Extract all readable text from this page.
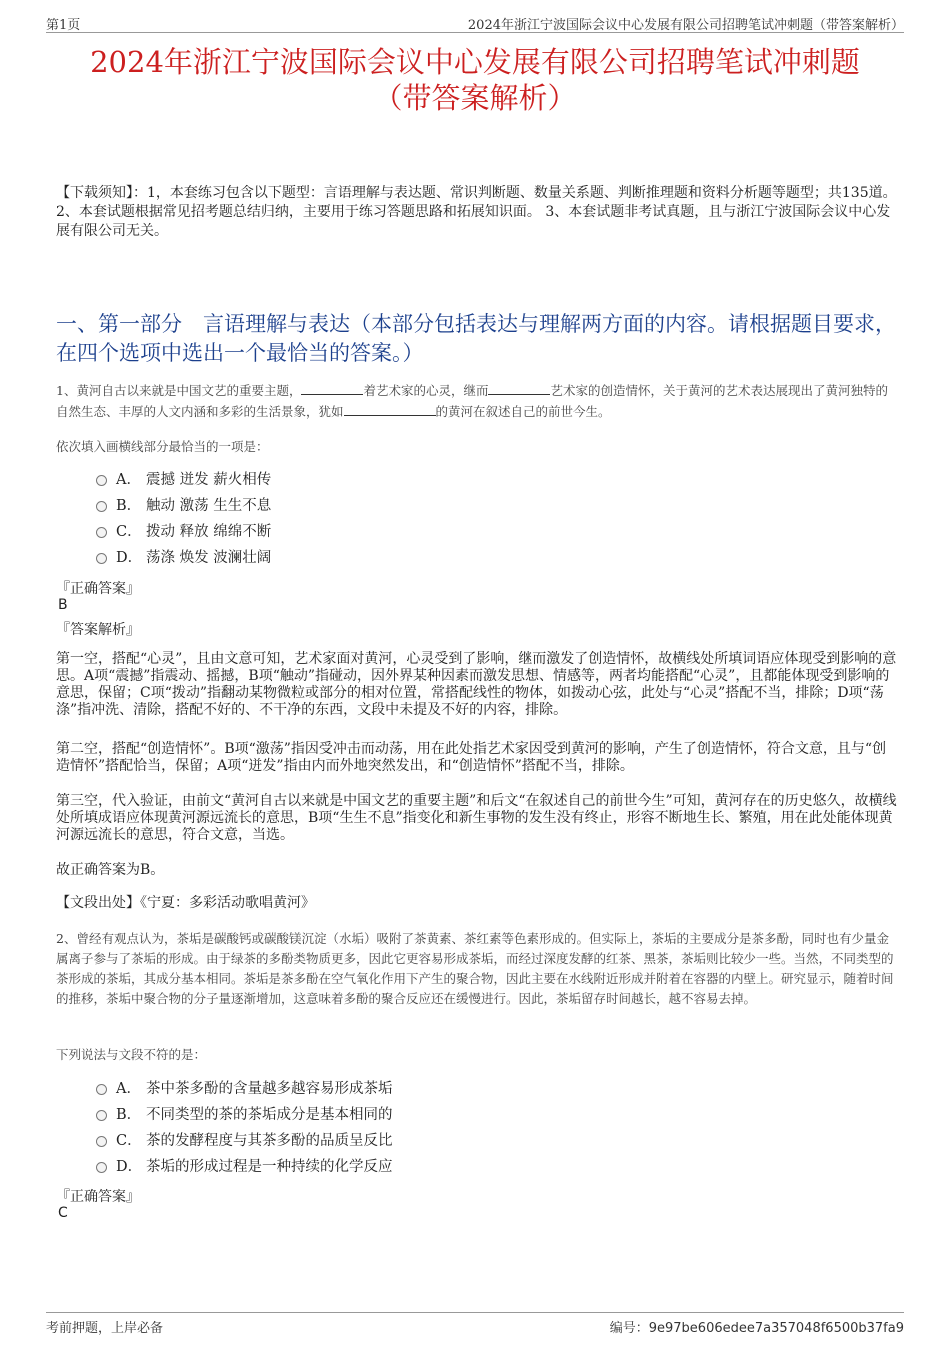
第1页	2024年浙江宁波国际会议中心发展有限公司招聘笔试冲刺题（带答案解析）
2024年浙江宁波国际会议中心发展有限公司招聘笔试冲刺题
（带答案解析）
【下载须知】：1，本套练习包含以下题型：言语理解与表达题、常识判断题、数量关系题、判断推理题和资料分析题等题型；共135道。 2、本套试题根据常见招考题总结归纳，主要用于练习答题思路和拓展知识面。 3、本套试题非考试真题，且与浙江宁波国际会议中心发展有限公司无关。
一、第一部分　言语理解与表达（本部分包括表达与理解两方面的内容。请根据题目要求，在四个选项中选出一个最恰当的答案。）
1、黄河自古以来就是中国文艺的重要主题，	着艺术家的心灵，继而	艺术家的创造情怀，关于黄河的艺术表达展现出了黄河独特的自然生态、丰厚的人文内涵和多彩的生活景象，犹如	的黄河在叙述自己的前世今生。
依次填入画横线部分最恰当的一项是：
A． 震撼 迸发 薪火相传
B． 触动 激荡 生生不息
C． 拨动 释放 绵绵不断
D． 荡涤 焕发 波澜壮阔
『正确答案』
B
『答案解析』
第一空，搭配“心灵”，且由文意可知，艺术家面对黄河，心灵受到了影响，继而激发了创造情怀，故横线处所填词语应体现受到影响的意思。A项“震撼”指震动、摇撼，B项“触动”指碰动，因外界某种因素而激发思想、情感等，两者均能搭配“心灵”，且都能体现受到影响的意思，保留；C项“拨动”指翻动某物微粒或部分的相对位置，常搭配线性的物体，如拨动心弦，此处与“心灵”搭配不当，排除；D项“荡涤”指冲洗、清除，搭配不好的、不干净的东西，文段中未提及不好的内容，排除。
第二空，搭配“创造情怀”。B项“激荡”指因受冲击而动荡，用在此处指艺术家因受到黄河的影响，产生了创造情怀，符合文意，且与“创造情怀”搭配恰当，保留；A项“迸发”指由内而外地突然发出，和“创造情怀”搭配不当，排除。
第三空，代入验证，由前文“黄河自古以来就是中国文艺的重要主题”和后文“在叙述自己的前世今生”可知，黄河存在的历史悠久，故横线处所填成语应体现黄河源远流长的意思，B项“生生不息”指变化和新生事物的发生没有终止，形容不断地生长、繁殖，用在此处能体现黄河源远流长的意思，符合文意，当选。
故正确答案为B。
【文段出处】《宁夏：多彩活动歌唱黄河》
2、曾经有观点认为，茶垢是碳酸钙或碳酸镁沉淀（水垢）吸附了茶黄素、茶红素等色素形成的。但实际上，茶垢的主要成分是茶多酚，同时也有少量金属离子参与了茶垢的形成。由于绿茶的多酚类物质更多，因此它更容易形成茶垢，而经过深度发酵的红茶、黑茶，茶垢则比较少一些。当然，不同类型的茶形成的茶垢，其成分基本相同。茶垢是茶多酚在空气氧化作用下产生的聚合物，因此主要在水线附近形成并附着在容器的内壁上。研究显示，随着时间的推移，茶垢中聚合物的分子量逐渐增加，这意味着多酚的聚合反应还在缓慢进行。因此，茶垢留存时间越长，越不容易去掉。
下列说法与文段不符的是：
A． 茶中茶多酚的含量越多越容易形成茶垢
B． 不同类型的茶的茶垢成分是基本相同的
C． 茶的发酵程度与其茶多酚的品质呈反比
D． 茶垢的形成过程是一种持续的化学反应
『正确答案』
C
考前押题，上岸必备	编号：9e97be606edee7a357048f6500b37fa9
